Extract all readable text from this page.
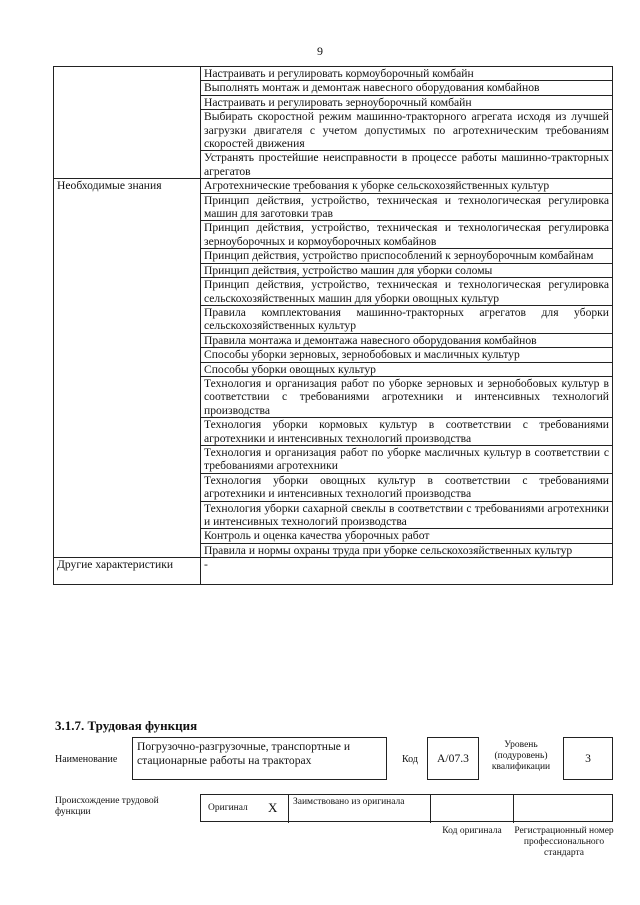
9
	Настраивать и регулировать кормоуборочный комбайн
	Выполнять монтаж и демонтаж навесного оборудования комбайнов
	Настраивать и регулировать зерноуборочный комбайн
	Выбирать скоростной режим машинно-тракторного агрегата исходя из лучшей загрузки двигателя с учетом допустимых по агротехническим требованиям скоростей движения
	Устранять простейшие неисправности в процессе работы машинно-тракторных агрегатов
Необходимые знания	Агротехнические требования к уборке сельскохозяйственных культур
	Принцип действия, устройство, техническая и технологическая регулировка машин для заготовки трав
	Принцип действия, устройство, техническая и технологическая регулировка зерноуборочных и кормоуборочных комбайнов
	Принцип действия, устройство приспособлений к зерноуборочным комбайнам
	Принцип действия, устройство машин для уборки соломы
	Принцип действия, устройство, техническая и технологическая регулировка сельскохозяйственных машин для уборки овощных культур
	Правила комплектования машинно-тракторных агрегатов для уборки сельскохозяйственных культур
	Правила монтажа и демонтажа навесного оборудования комбайнов
	Способы уборки зерновых, зернобобовых и масличных культур
	Способы уборки овощных культур
	Технология и организация работ по уборке зерновых и зернобобовых культур в соответствии с требованиями агротехники и интенсивных технологий производства
	Технология уборки кормовых культур в соответствии с требованиями агротехники и интенсивных технологий производства
	Технология и организация работ по уборке масличных культур в соответствии с требованиями агротехники
	Технология уборки овощных культур в соответствии с требованиями агротехники и интенсивных технологий производства
	Технология уборки сахарной свеклы в соответствии с требованиями агротехники и интенсивных технологий производства
	Контроль и оценка качества уборочных работ
	Правила и нормы охраны труда при уборке сельскохозяйственных культур
Другие характеристики	-
3.1.7. Трудовая функция
Наименование
Погрузочно-разгрузочные, транспортные и стационарные работы на тракторах	Код	А/07.3
Уровень (подуровень) квалификации
3
Происхождение трудовой функции	Оригинал Х Заимствовано из оригинала
Код оригинала	Регистрационный номер профессионального стандарта
